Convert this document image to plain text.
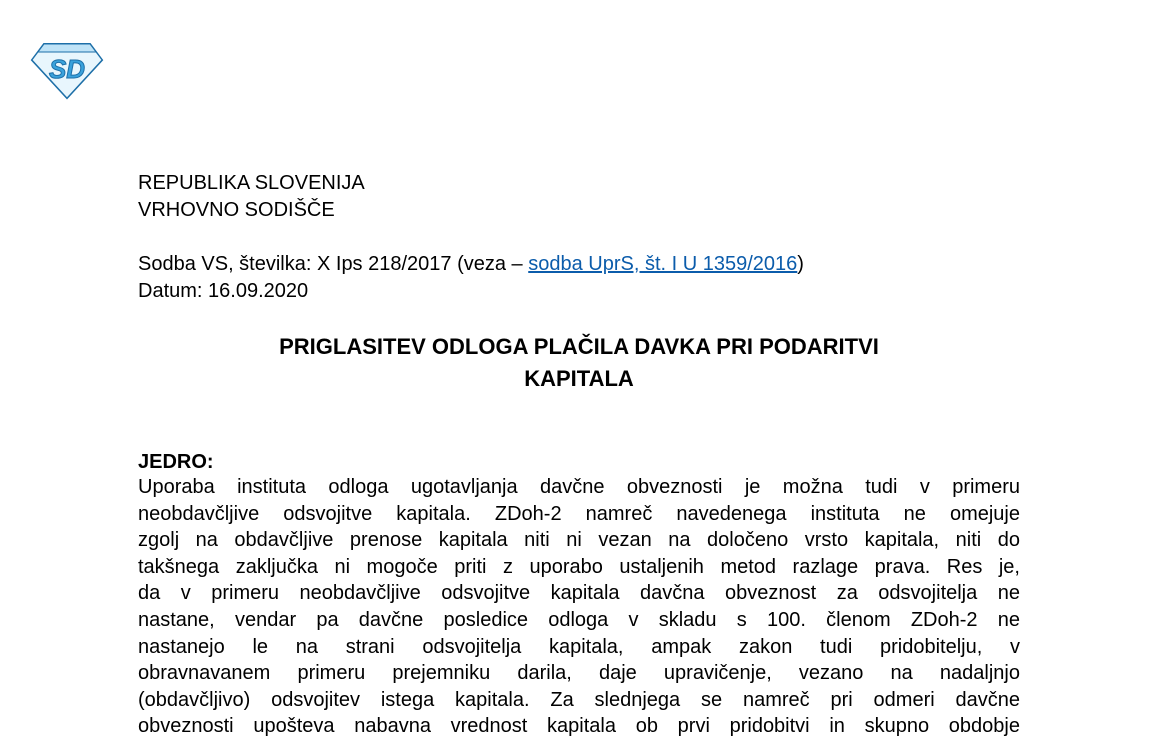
SD
REPUBLIKA SLOVENIJA
VRHOVNO SODIŠČE
Sodba VS, številka: X Ips 218/2017 (veza – sodba UprS, št. I U 1359/2016)
Datum: 16.09.2020
PRIGLASITEV ODLOGA PLAČILA DAVKA PRI PODARITVI
KAPITALA
JEDRO:
Uporaba instituta odloga ugotavljanja davčne obveznosti je možna tudi v primeru
neobdavčljive odsvojitve kapitala. ZDoh-2 namreč navedenega instituta ne omejuje
zgolj na obdavčljive prenose kapitala niti ni vezan na določeno vrsto kapitala, niti do
takšnega zaključka ni mogoče priti z uporabo ustaljenih metod razlage prava. Res je,
da v primeru neobdavčljive odsvojitve kapitala davčna obveznost za odsvojitelja ne
nastane, vendar pa davčne posledice odloga v skladu s 100. členom ZDoh-2 ne
nastanejo le na strani odsvojitelja kapitala, ampak zakon tudi pridobitelju, v
obravnavanem primeru prejemniku darila, daje upravičenje, vezano na nadaljnjo
(obdavčljivo) odsvojitev istega kapitala. Za slednjega se namreč pri odmeri davčne
obveznosti upošteva nabavna vrednost kapitala ob prvi pridobitvi in skupno obdobje
